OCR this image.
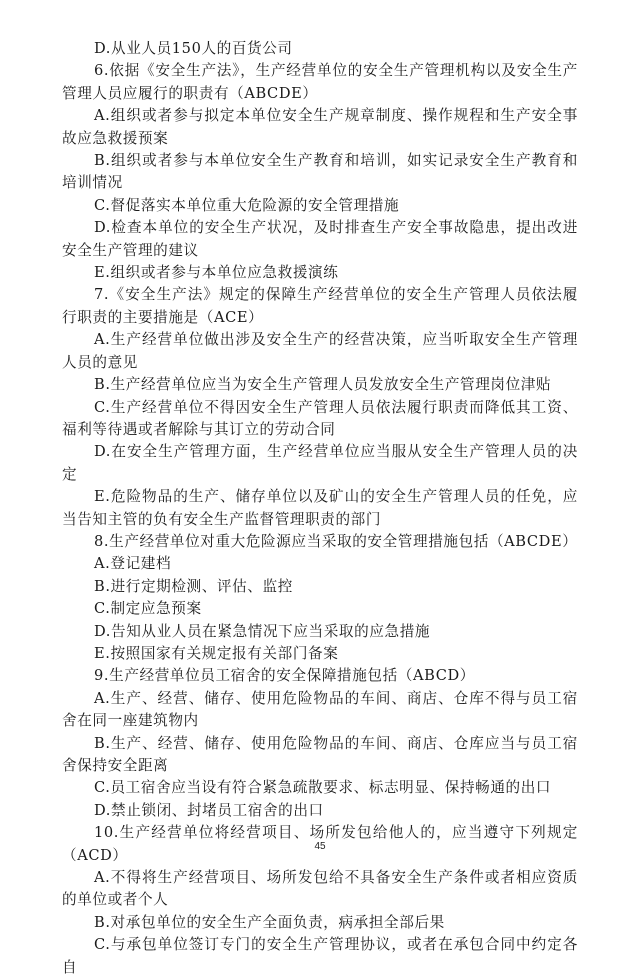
D.从业人员150人的百货公司

6.依据《安全生产法》，生产经营单位的安全生产管理机构以及安全生产管理人员应履行的职责有（ABCDE）

A.组织或者参与拟定本单位安全生产规章制度、操作规程和生产安全事故应急救援预案

B.组织或者参与本单位安全生产教育和培训，如实记录安全生产教育和培训情况

C.督促落实本单位重大危险源的安全管理措施

D.检查本单位的安全生产状况，及时排查生产安全事故隐患，提出改进安全生产管理的建议

E.组织或者参与本单位应急救援演练

7.《安全生产法》规定的保障生产经营单位的安全生产管理人员依法履行职责的主要措施是（ACE）

A.生产经营单位做出涉及安全生产的经营决策，应当听取安全生产管理人员的意见

B.生产经营单位应当为安全生产管理人员发放安全生产管理岗位津贴

C.生产经营单位不得因安全生产管理人员依法履行职责而降低其工资、福利等待遇或者解除与其订立的劳动合同

D.在安全生产管理方面，生产经营单位应当服从安全生产管理人员的决定

E.危险物品的生产、储存单位以及矿山的安全生产管理人员的任免，应当告知主管的负有安全生产监督管理职责的部门

8.生产经营单位对重大危险源应当采取的安全管理措施包括（ABCDE）

A.登记建档

B.进行定期检测、评估、监控

C.制定应急预案

D.告知从业人员在紧急情况下应当采取的应急措施

E.按照国家有关规定报有关部门备案

9.生产经营单位员工宿舍的安全保障措施包括（ABCD）

A.生产、经营、储存、使用危险物品的车间、商店、仓库不得与员工宿舍在同一座建筑物内

B.生产、经营、储存、使用危险物品的车间、商店、仓库应当与员工宿舍保持安全距离

C.员工宿舍应当设有符合紧急疏散要求、标志明显、保持畅通的出口

D.禁止锁闭、封堵员工宿舍的出口

10.生产经营单位将经营项目、场所发包给他人的，应当遵守下列规定（ACD）

A.不得将生产经营项目、场所发包给不具备安全生产条件或者相应资质的单位或者个人

B.对承包单位的安全生产全面负责，病承担全部后果

C.与承包单位签订专门的安全生产管理协议，或者在承包合同中约定各自

45
